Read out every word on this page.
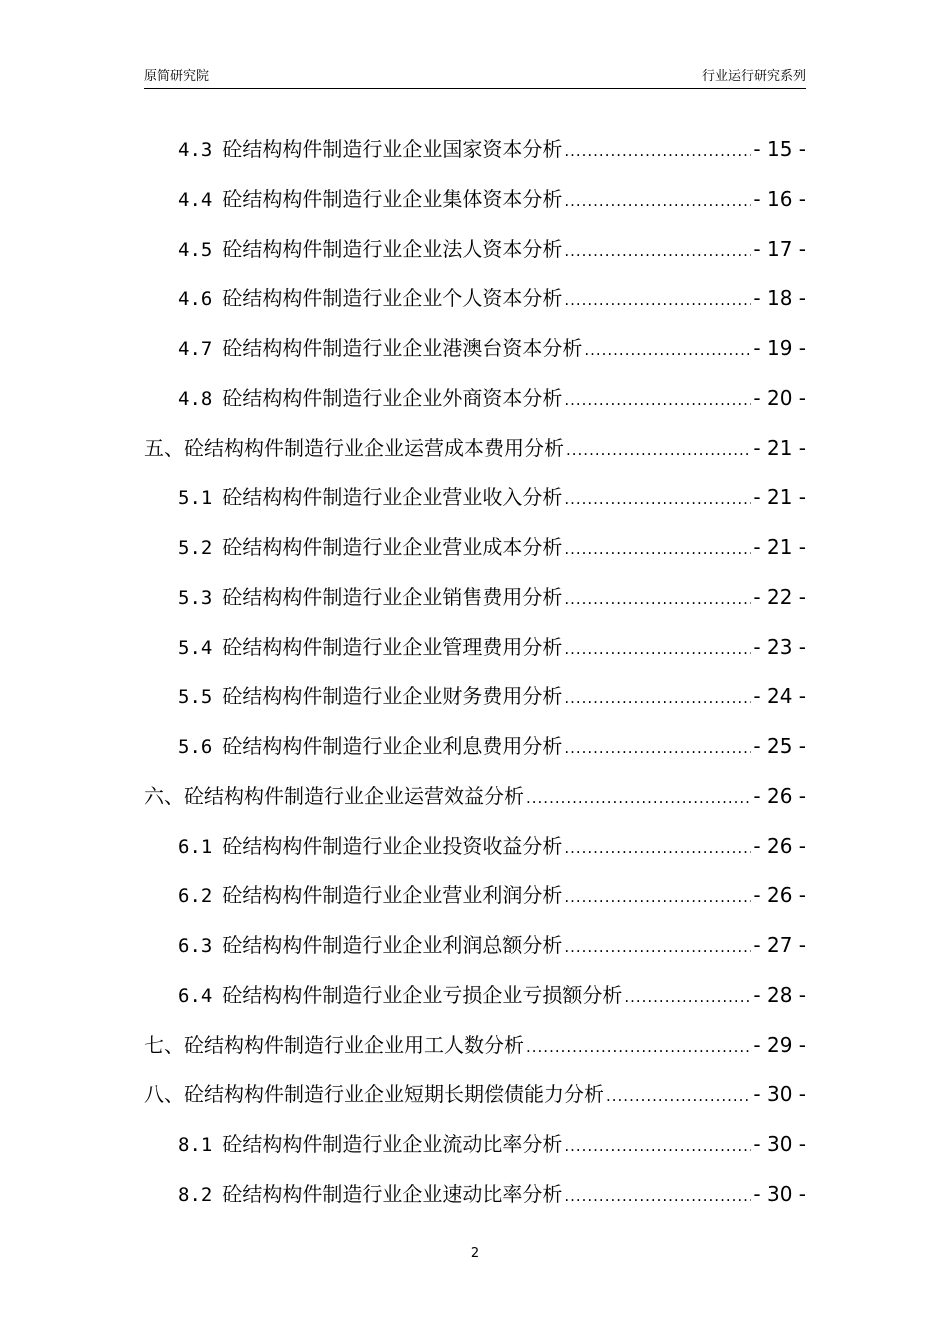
原简研究院	行业运行研究系列
4.3 砼结构构件制造行业企业国家资本分析 .....	- 15 -
4.4 砼结构构件制造行业企业集体资本分析 .....	- 16 -
4.5 砼结构构件制造行业企业法人资本分析 .....	- 17 -
4.6 砼结构构件制造行业企业个人资本分析 .....	- 18 -
4.7 砼结构构件制造行业企业港澳台资本分析 .....	- 19 -
4.8 砼结构构件制造行业企业外商资本分析 .....	- 20 -
五、砼结构构件制造行业企业运营成本费用分析 .....	- 21 -
5.1 砼结构构件制造行业企业营业收入分析 .....	- 21 -
5.2 砼结构构件制造行业企业营业成本分析 .....	- 21 -
5.3 砼结构构件制造行业企业销售费用分析 .....	- 22 -
5.4 砼结构构件制造行业企业管理费用分析 .....	- 23 -
5.5 砼结构构件制造行业企业财务费用分析 .....	- 24 -
5.6 砼结构构件制造行业企业利息费用分析 .....	- 25 -
六、砼结构构件制造行业企业运营效益分析 .....	- 26 -
6.1 砼结构构件制造行业企业投资收益分析 .....	- 26 -
6.2 砼结构构件制造行业企业营业利润分析 .....	- 26 -
6.3 砼结构构件制造行业企业利润总额分析 .....	- 27 -
6.4 砼结构构件制造行业企业亏损企业亏损额分析 .....	- 28 -
七、砼结构构件制造行业企业用工人数分析 .....	- 29 -
八、砼结构构件制造行业企业短期长期偿债能力分析 .....	- 30 -
8.1 砼结构构件制造行业企业流动比率分析 .....	- 30 -
8.2 砼结构构件制造行业企业速动比率分析 .....	- 30 -
2
